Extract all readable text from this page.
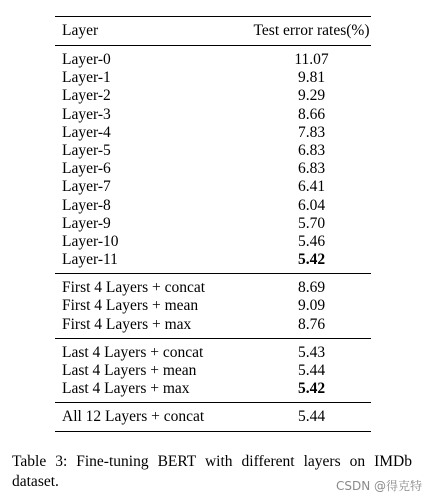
Layer	Test error rates(%)
Layer-0	11.07
Layer-1	9.81
Layer-2	9.29
Layer-3	8.66
Layer-4	7.83
Layer-5	6.83
Layer-6	6.83
Layer-7	6.41
Layer-8	6.04
Layer-9	5.70
Layer-10	5.46
Layer-11	5.42
First 4 Layers + concat	8.69
First 4 Layers + mean	9.09
First 4 Layers + max	8.76
Last 4 Layers + concat	5.43
Last 4 Layers + mean	5.44
Last 4 Layers + max	5.42
All 12 Layers + concat	5.44
Table 3: Fine-tuning BERT with different layers on IMDb dataset.	CSDN @得克特
